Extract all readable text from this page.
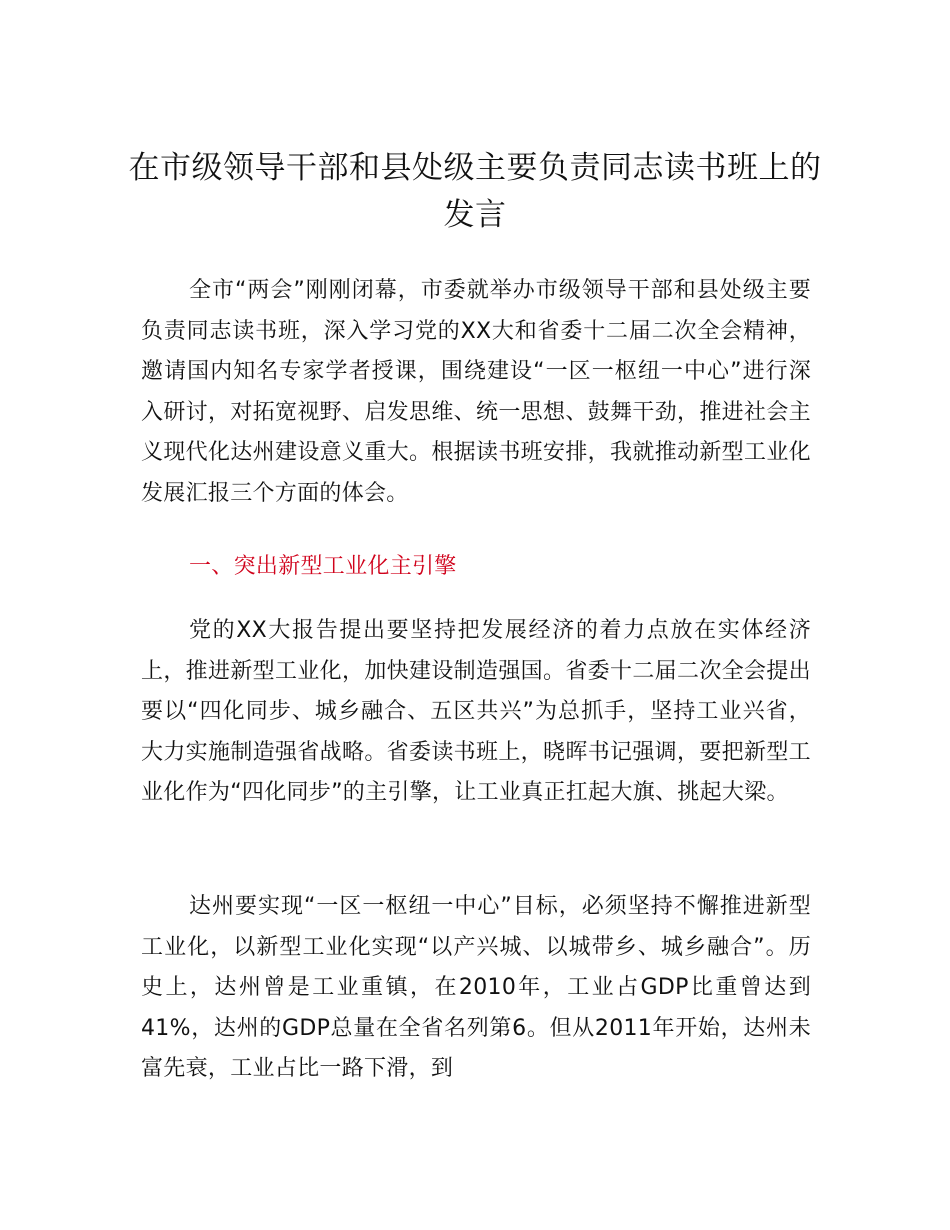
在市级领导干部和县处级主要负责同志读书班上的发言

全市“两会”刚刚闭幕，市委就举办市级领导干部和县处级主要负责同志读书班，深入学习党的XX大和省委十二届二次全会精神，邀请国内知名专家学者授课，围绕建设“一区一枢纽一中心”进行深入研讨，对拓宽视野、启发思维、统一思想、鼓舞干劲，推进社会主义现代化达州建设意义重大。根据读书班安排，我就推动新型工业化发展汇报三个方面的体会。

一、突出新型工业化主引擎

党的XX大报告提出要坚持把发展经济的着力点放在实体经济上，推进新型工业化，加快建设制造强国。省委十二届二次全会提出要以“四化同步、城乡融合、五区共兴”为总抓手，坚持工业兴省，大力实施制造强省战略。省委读书班上，晓晖书记强调，要把新型工业化作为“四化同步”的主引擎，让工业真正扛起大旗、挑起大梁。

达州要实现“一区一枢纽一中心”目标，必须坚持不懈推进新型工业化，以新型工业化实现“以产兴城、以城带乡、城乡融合”。历史上，达州曾是工业重镇，在2010年，工业占GDP比重曾达到41%，达州的GDP总量在全省名列第6。但从2011年开始，达州未富先衰，工业占比一路下滑，到
